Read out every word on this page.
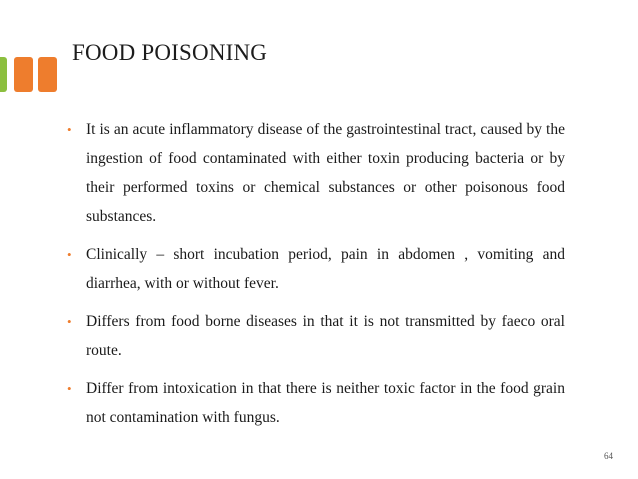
FOOD POISONING
• It is an acute inflammatory disease of the gastrointestinal tract, caused by the ingestion of food contaminated with either toxin producing bacteria or by their performed toxins or chemical substances or other poisonous food substances.
• Clinically – short incubation period, pain in abdomen , vomiting and diarrhea, with or without fever.
• Differs from food borne diseases in that it is not transmitted by faeco oral route.
• Differ from intoxication in that there is neither toxic factor in the food grain not contamination with fungus.
64
